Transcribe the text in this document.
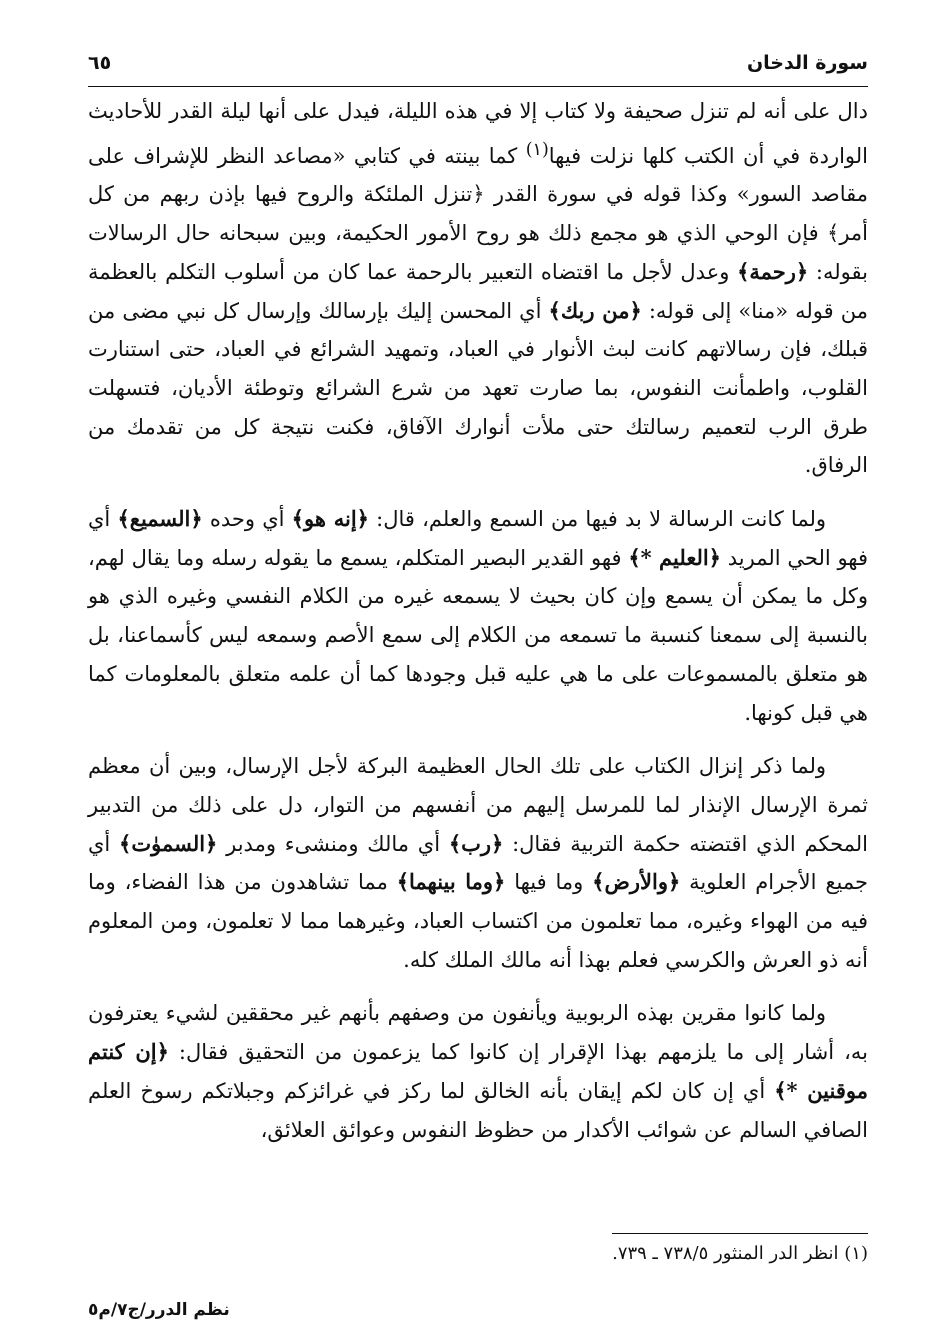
سورة الدخان
٦٥

دال على أنه لم تنزل صحيفة ولا كتاب إلا في هذه الليلة، فيدل على أنها ليلة القدر للأحاديث الواردة في أن الكتب كلها نزلت فيها$^{(١)}$ كما بينته في كتابي «مصاعد النظر للإشراف على مقاصد السور» وكذا قوله في سورة القدر ﴿تنزل الملئكة والروح فيها بإذن ربهم من كل أمر﴾ فإن الوحي الذي هو مجمع ذلك هو روح الأمور الحكيمة، وبين سبحانه حال الرسالات بقوله: ﴿رحمة﴾ وعدل لأجل ما اقتضاه التعبير بالرحمة عما كان من أسلوب التكلم بالعظمة من قوله «منا» إلى قوله: ﴿من ربك﴾ أي المحسن إليك بإرسالك وإرسال كل نبي مضى من قبلك، فإن رسالاتهم كانت لبث الأنوار في العباد، وتمهيد الشرائع في العباد، حتى استنارت القلوب، واطمأنت النفوس، بما صارت تعهد من شرع الشرائع وتوطئة الأديان، فتسهلت طرق الرب لتعميم رسالتك حتى ملأت أنوارك الآفاق، فكنت نتيجة كل من تقدمك من الرفاق.

ولما كانت الرسالة لا بد فيها من السمع والعلم، قال: ﴿إنه هو﴾ أي وحده ﴿السميع﴾ أي فهو الحي المريد ﴿العليم *﴾ فهو القدير البصير المتكلم، يسمع ما يقوله رسله وما يقال لهم، وكل ما يمكن أن يسمع وإن كان بحيث لا يسمعه غيره من الكلام النفسي وغيره الذي هو بالنسبة إلى سمعنا كنسبة ما تسمعه من الكلام إلى سمع الأصم وسمعه ليس كأسماعنا، بل هو متعلق بالمسموعات على ما هي عليه قبل وجودها كما أن علمه متعلق بالمعلومات كما هي قبل كونها.

ولما ذكر إنزال الكتاب على تلك الحال العظيمة البركة لأجل الإرسال، وبين أن معظم ثمرة الإرسال الإنذار لما للمرسل إليهم من أنفسهم من التوار، دل على ذلك من التدبير المحكم الذي اقتضته حكمة التربية فقال: ﴿رب﴾ أي مالك ومنشىء ومدبر ﴿السموٰت﴾ أي جميع الأجرام العلوية ﴿والأرض﴾ وما فيها ﴿وما بينهما﴾ مما تشاهدون من هذا الفضاء، وما فيه من الهواء وغيره، مما تعلمون من اكتساب العباد، وغيرهما مما لا تعلمون، ومن المعلوم أنه ذو العرش والكرسي فعلم بهذا أنه مالك الملك كله.

ولما كانوا مقرين بهذه الربوبية ويأنفون من وصفهم بأنهم غير محققين لشيء يعترفون به، أشار إلى ما يلزمهم بهذا الإقرار إن كانوا كما يزعمون من التحقيق فقال: ﴿إن كنتم موقنين *﴾ أي إن كان لكم إيقان بأنه الخالق لما ركز في غرائزكم وجبلاتكم رسوخ العلم الصافي السالم عن شوائب الأكدار من حظوظ النفوس وعوائق العلائق،

(١) انظر الدر المنثور ٧٣٨/٥ ـ ٧٣٩.
نظم الدرر/ج٧/م٥
